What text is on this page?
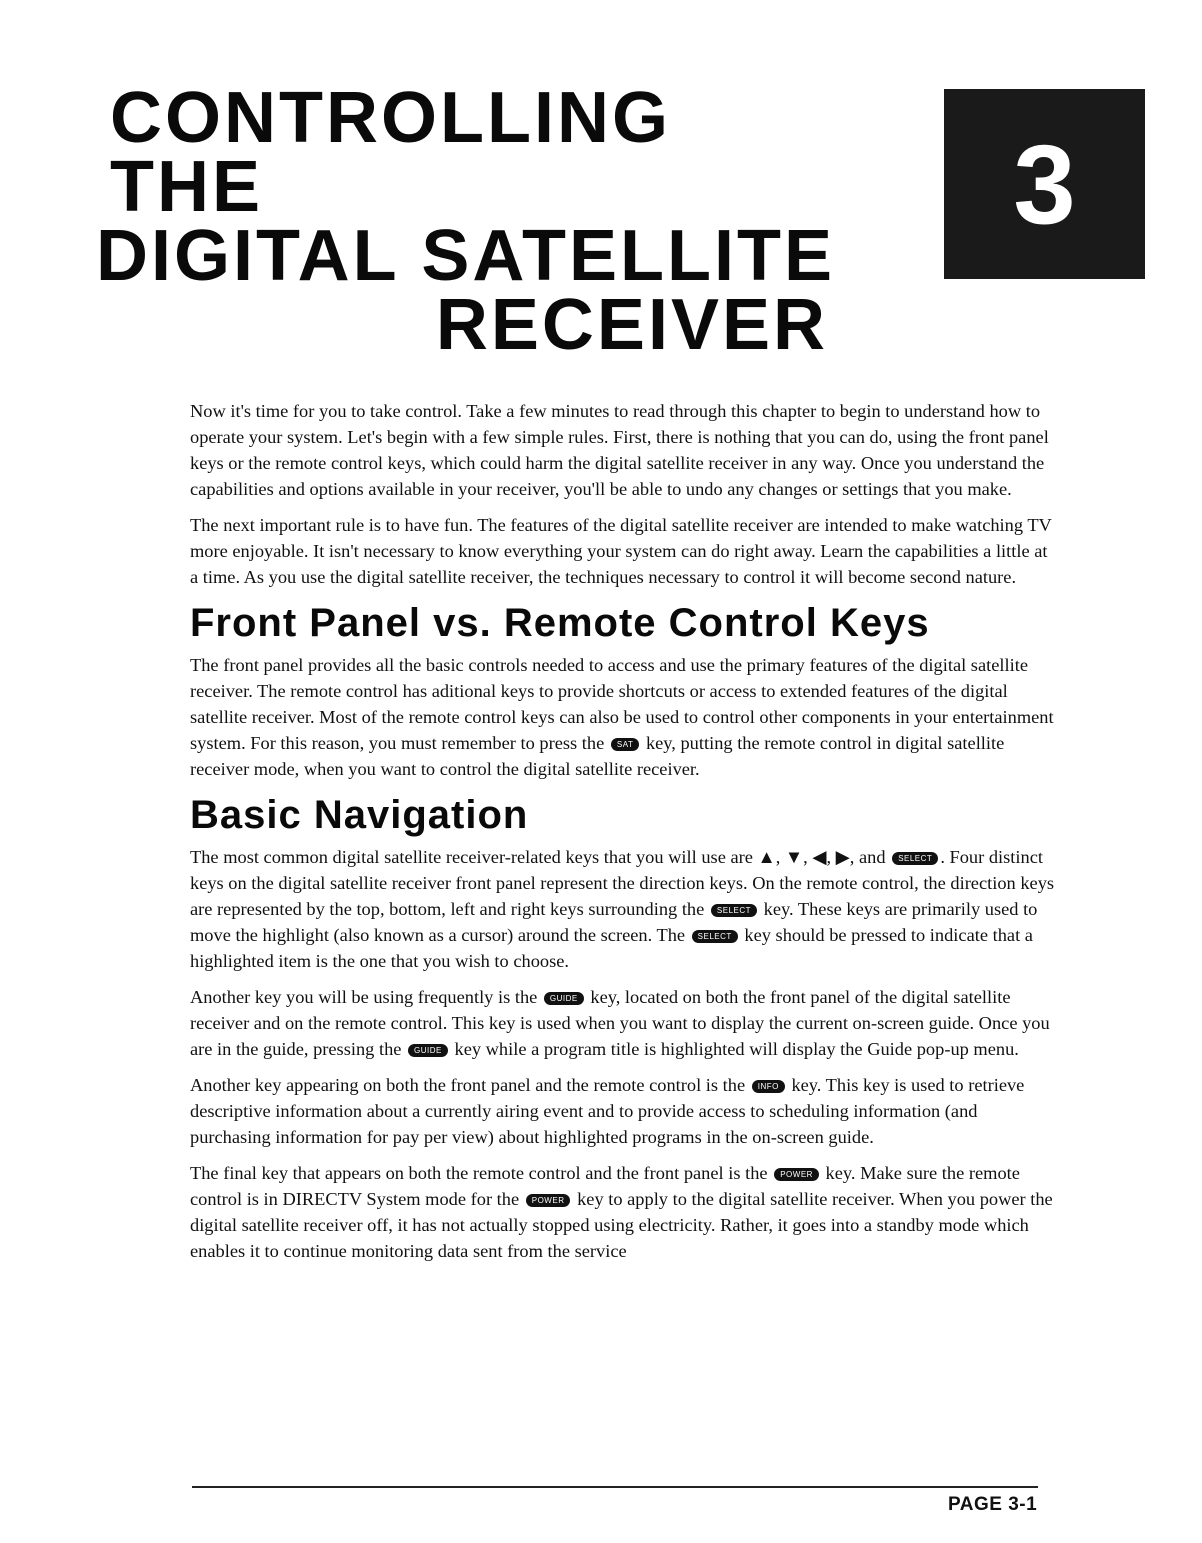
CONTROLLING THE
DIGITAL SATELLITE
RECEIVER
3

Now it's time for you to take control. Take a few minutes to read through this chapter to begin to understand how to operate your system. Let's begin with a few simple rules. First, there is nothing that you can do, using the front panel keys or the remote control keys, which could harm the digital satellite receiver in any way. Once you understand the capabilities and options available in your receiver, you'll be able to undo any changes or settings that you make.

The next important rule is to have fun. The features of the digital satellite receiver are intended to make watching TV more enjoyable. It isn't necessary to know everything your system can do right away. Learn the capabilities a little at a time. As you use the digital satellite receiver, the techniques necessary to control it will become second nature.

Front Panel vs. Remote Control Keys

The front panel provides all the basic controls needed to access and use the primary features of the digital satellite receiver. The remote control has aditional keys to provide shortcuts or access to extended features of the digital satellite receiver. Most of the remote control keys can also be used to control other components in your entertainment system. For this reason, you must remember to press the SAT key, putting the remote control in digital satellite receiver mode, when you want to control the digital satellite receiver.

Basic Navigation

The most common digital satellite receiver-related keys that you will use are ▲, ▼, ◀, ▶, and SELECT . Four distinct keys on the digital satellite receiver front panel represent the direction keys. On the remote control, the direction keys are represented by the top, bottom, left and right keys surrounding the SELECT key. These keys are primarily used to move the highlight (also known as a cursor) around the screen. The SELECT key should be pressed to indicate that a highlighted item is the one that you wish to choose.

Another key you will be using frequently is the GUIDE key, located on both the front panel of the digital satellite receiver and on the remote control. This key is used when you want to display the current on-screen guide. Once you are in the guide, pressing the GUIDE key while a program title is highlighted will display the Guide pop-up menu.

Another key appearing on both the front panel and the remote control is the INFO key. This key is used to retrieve descriptive information about a currently airing event and to provide access to scheduling information (and purchasing information for pay per view) about highlighted programs in the on-screen guide.

The final key that appears on both the remote control and the front panel is the POWER key. Make sure the remote control is in DIRECTV System mode for the POWER key to apply to the digital satellite receiver. When you power the digital satellite receiver off, it has not actually stopped using electricity. Rather, it goes into a standby mode which enables it to continue monitoring data sent from the service

PAGE 3-1
